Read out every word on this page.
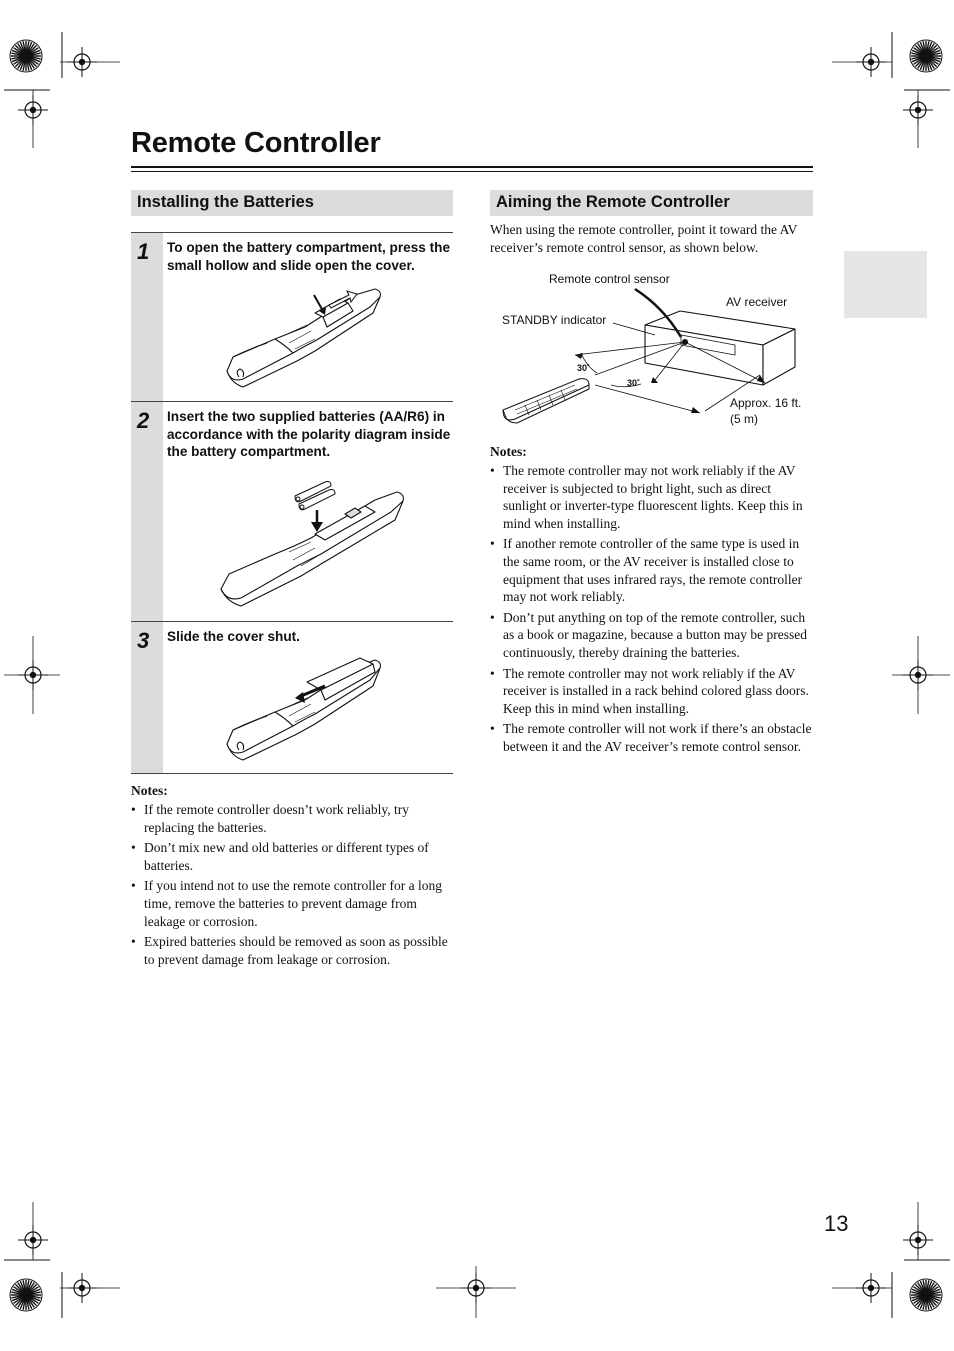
Remote Controller
Installing the Batteries
1 To open the battery compartment, press the small hollow and slide open the cover.
2 Insert the two supplied batteries (AA/R6) in accordance with the polarity diagram inside the battery compartment.
3 Slide the cover shut.
Notes:
• If the remote controller doesn’t work reliably, try replacing the batteries.
• Don’t mix new and old batteries or different types of batteries.
• If you intend not to use the remote controller for a long time, remove the batteries to prevent damage from leakage or corrosion.
• Expired batteries should be removed as soon as possible to prevent damage from leakage or corrosion.
Aiming the Remote Controller
When using the remote controller, point it toward the AV receiver’s remote control sensor, as shown below.
Remote control sensor
AV receiver
STANDBY indicator
30˚
30˚
Approx. 16 ft.
(5 m)
Notes:
• The remote controller may not work reliably if the AV receiver is subjected to bright light, such as direct sunlight or inverter-type fluorescent lights. Keep this in mind when installing.
• If another remote controller of the same type is used in the same room, or the AV receiver is installed close to equipment that uses infrared rays, the remote controller may not work reliably.
• Don’t put anything on top of the remote controller, such as a book or magazine, because a button may be pressed continuously, thereby draining the batteries.
• The remote controller may not work reliably if the AV receiver is installed in a rack behind colored glass doors. Keep this in mind when installing.
• The remote controller will not work if there’s an obstacle between it and the AV receiver’s remote control sensor.
13
